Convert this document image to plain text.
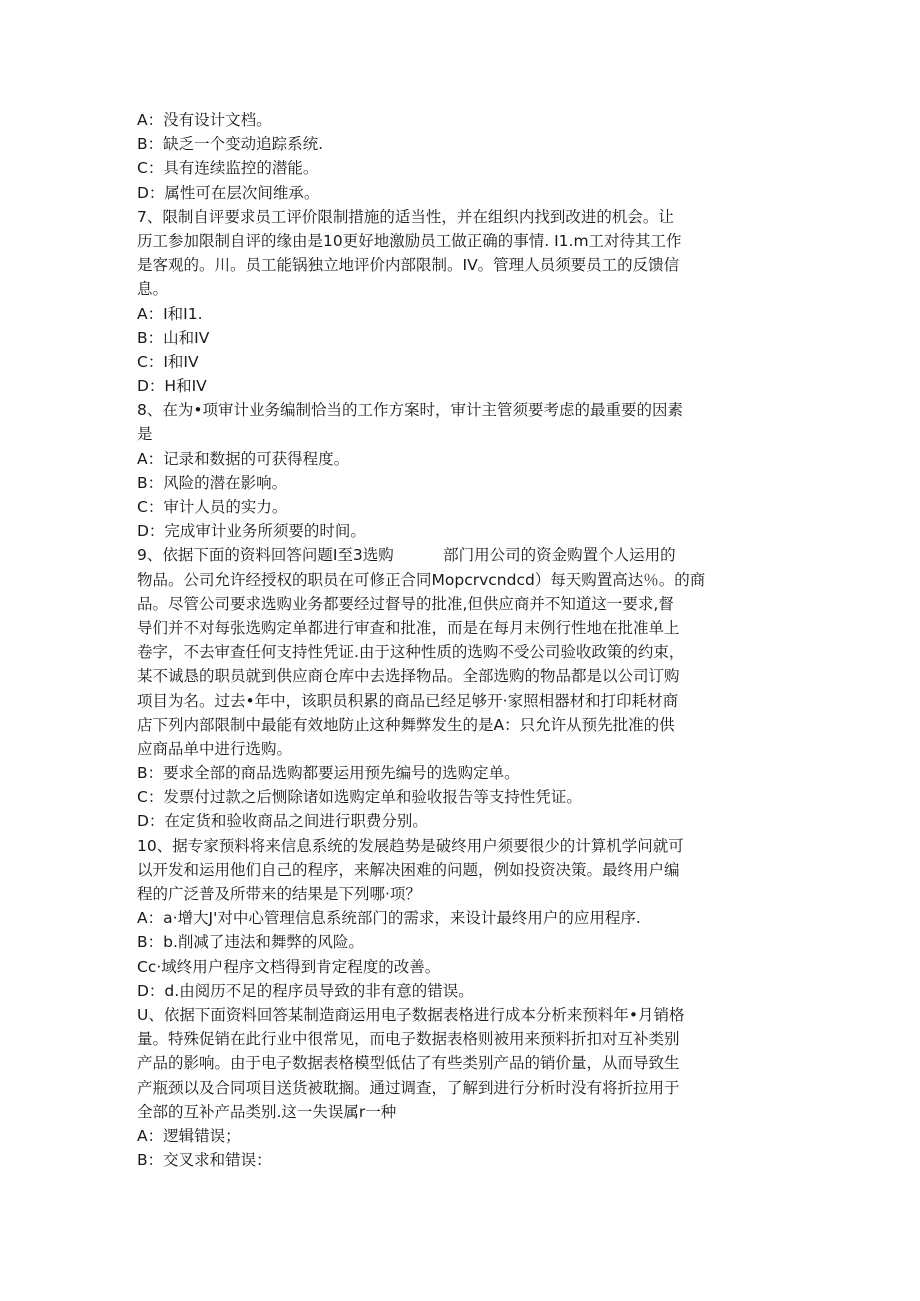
A：没有设计文档。
B：缺乏一个变动追踪系统.
C：具有连续监控的潜能。
D：属性可在层次间维承。
7、限制自评要求员工评价限制措施的适当性，并在组织内找到改进的机会。让
历工参加限制自评的缘由是10更好地激励员工做正确的事情. I1.m工对待其工作
是客观的。川。员工能锅独立地评价内部限制。IV。管理人员须要员工的反馈信
息。
A：I和I1.
B：山和IV
C：I和IV
D：H和IV
8、在为•项审计业务编制恰当的工作方案时，审计主管须要考虑的最重要的因素
是
A：记录和数据的可获得程度。
B：风险的潜在影响。
C：审计人员的实力。
D：完成审计业务所须要的时间。
9、依据下面的资料回答问题I至3选购          部门用公司的资金购置个人运用的
物品。公司允许经授权的职员在可修正合同Mopcrvcndcd）每天购置高达％。的商
品。尽管公司要求选购业务都要经过督导的批准,但供应商并不知道这一要求,督
导们并不对每张选购定单都进行审查和批准，而是在每月末例行性地在批准单上
卷字，不去审查任何支持性凭证.由于这种性质的选购不受公司验收政策的约束，
某不诚恳的职员就到供应商仓库中去选择物品。全部选购的物品都是以公司订购
项目为名。过去•年中，该职员积累的商品已经足够开·家照相器材和打印耗材商
店下列内部限制中最能有效地防止这种舞弊发生的是A：只允许从预先批准的供
应商品单中进行选购。
B：要求全部的商品选购都要运用预先编号的选购定单。
C：发票付过款之后恻除诸如选购定单和验收报告等支持性凭证。
D：在定货和验收商品之间进行职费分别。
10、据专家预料将来信息系统的发展趋势是破终用户须要很少的计算机学问就可
以开发和运用他们自己的程序，来解决困难的问题，例如投资决策。最终用户编
程的广泛普及所带来的结果是下列哪·项？
A：a·增大J'对中心管理信息系统部门的需求，来设计最终用户的应用程序.
B：b.削减了违法和舞弊的风险。
Cc·域终用户程序文档得到肯定程度的改善。
D：d.由阅历不足的程序员导致的非有意的错误。
U、依据下面资料回答某制造商运用电子数据表格进行成本分析来预料年•月销格
量。特殊促销在此行业中很常见，而电子数据表格则被用来预料折扣对互补类别
产品的影响。由于电子数据表格模型低估了有些类别产品的销价量，从而导致生
产瓶颈以及合同项目送货被耽搁。通过调查，了解到进行分析时没有将折拉用于
全部的互补产品类别.这一失误属r一种
A：逻辑错误；
B：交叉求和错误：
